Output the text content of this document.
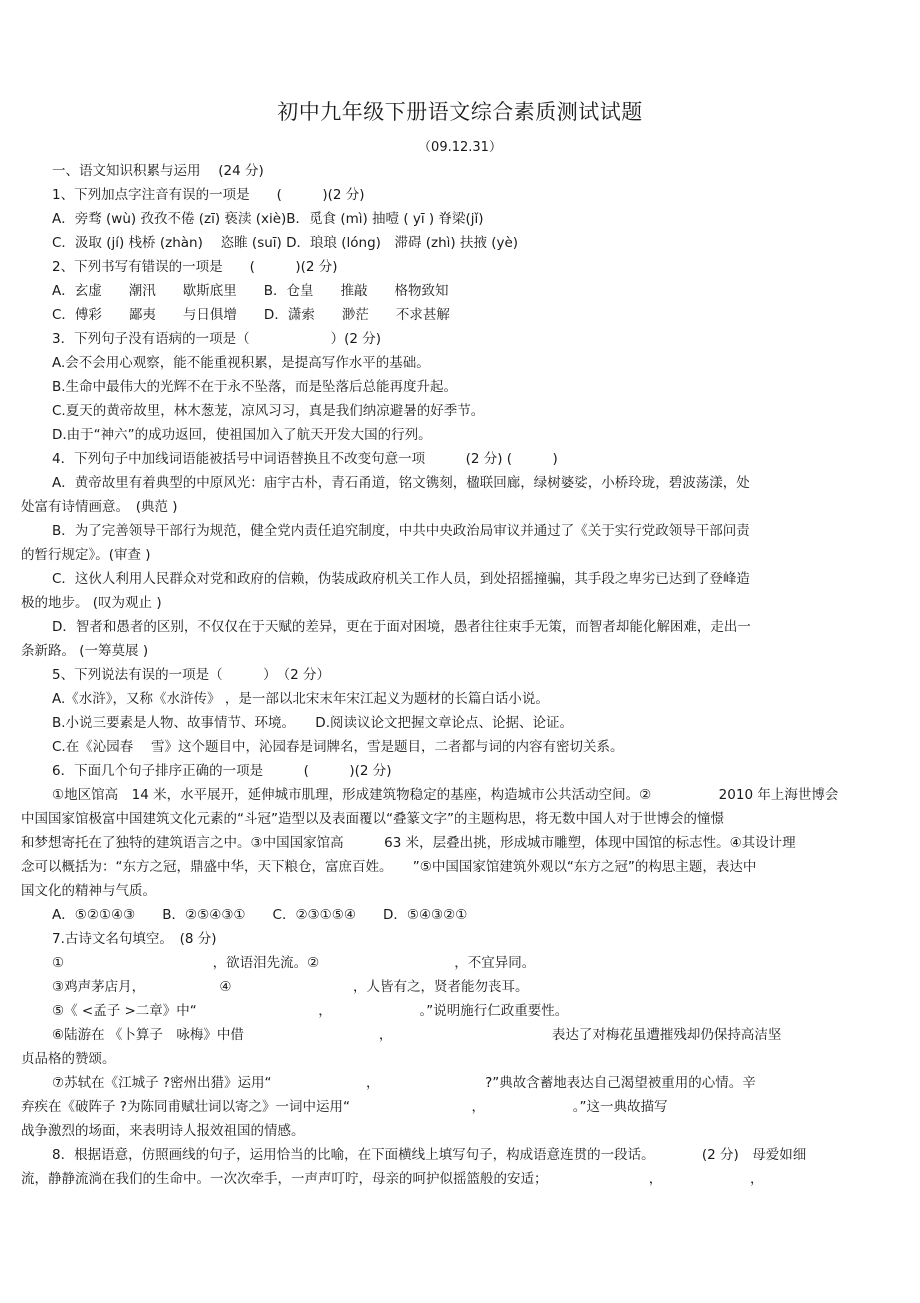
初中九年级下册语文综合素质测试试题
（09.12.31）
一、语文知识积累与运用　 (24 分)
1、下列加点字注音有误的一项是　　(　　　)(2 分)
A．旁骛 (wù) 孜孜不倦 (zī) 亵渎 (xiè)B．觅食 (mì) 抽噎 ( yī ) 脊梁(jǐ)
C．汲取 (jí) 栈桥 (zhàn)　 恣睢 (suī) D．琅琅 (lóng)　滞碍 (zhì) 扶掖 (yè)
2、下列书写有错误的一项是　　(　　　)(2 分)
A．玄虚　　潮汛　　歇斯底里　　B．仓皇　　推敲　　格物致知
C．傅彩　　鄙夷　　与日俱增　　D．潇索　　渺茫　　不求甚解
3．下列句子没有语病的一项是（　　　　　　）(2 分)
A.会不会用心观察，能不能重视积累，是提高写作水平的基础。
B.生命中最伟大的光辉不在于永不坠落，而是坠落后总能再度升起。
C.夏天的黄帝故里，林木葱茏，凉风习习，真是我们纳凉避暑的好季节。
D.由于“神六”的成功返回，使祖国加入了航天开发大国的行列。
4．下列句子中加线词语能被括号中词语替换且不改变句意一项　　　(2 分) (　　　)
A．黄帝故里有着典型的中原风光：庙宇古朴，青石甬道，铭文镌刻，楹联回廊，绿树婆娑，小桥玲珑，碧波荡漾，处
处富有诗情画意。　(典范 )
B．为了完善领导干部行为规范，健全党内责任追究制度，中共中央政治局审议并通过了《关于实行党政领导干部问责
的暂行规定》。(审查 )
C．这伙人利用人民群众对党和政府的信赖，伪装成政府机关工作人员，到处招摇撞骗，其手段之卑劣已达到了登峰造
极的地步。 (叹为观止 )
D．智者和愚者的区别，不仅仅在于天赋的差异，更在于面对困境，愚者往往束手无策，而智者却能化解困难，走出一
条新路。 (一筹莫展 )
5、下列说法有误的一项是（　　　）　（2 分）
A.《水浒》，又称《水浒传》 ，是一部以北宋末年宋江起义为题材的长篇白话小说。
B.小说三要素是人物、故事情节、环境。　　D.阅读议论文把握文章论点、论据、论证。
C.在《沁园春　 雪》这个题目中，沁园春是词牌名，雪是题目，二者都与词的内容有密切关系。
6．下面几个句子排序正确的一项是　　　(　　　)(2 分)
①地区馆高　14 米，水平展开，延伸城市肌理，形成建筑物稳定的基座，构造城市公共活动空间。②　　　　　2010 年上海世博会
中国国家馆极富中国建筑文化元素的“斗冠”造型以及表面覆以“叠篆文字”的主题构思，将无数中国人对于世博会的憧憬
和梦想寄托在了独特的建筑语言之中。③中国国家馆高　　　63 米，层叠出挑，形成城市雕塑，体现中国馆的标志性。④其设计理
念可以概括为：“东方之冠，鼎盛中华，天下粮仓，富庶百姓。　　”⑤中国国家馆建筑外观以“东方之冠”的构思主题，表达中
国文化的精神与气质。
A．⑤②①④③　　B．②⑤④③①　　C．②③①⑤④　　D．⑤④③②①
7.古诗文名句填空。　(8 分)
①　　　　　　　　　　　，欲语泪先流。②　　　　　　　　　　，不宜异同。
③鸡声茅店月，　　　　　　④　　　　　　　　　，人皆有之，贤者能勿丧耳。
⑤《 <孟子 >二章》中“　　　　　　　　　，　　　　　　　。”说明施行仁政重要性。
⑥陆游在 《卜算子　咏梅》中借　　　　　　　　　　，　　　　　　　　　　　　 表达了对梅花虽遭摧残却仍保持高洁坚
贞品格的赞颂。
⑦苏轼在《江城子 ?密州出猎》运用“　　　　　　　，　　　　　　　　 ?”典故含蓄地表达自己渴望被重用的心情。辛
弃疾在《破阵子 ?为陈同甫赋壮词以寄之》一词中运用“　　　　　　　　　，　　　　　　　。”这一典故描写
战争激烈的场面，来表明诗人报效祖国的情感。
8．根据语意，仿照画线的句子，运用恰当的比喻，在下面横线上填写句子，构成语意连贯的一段话。　　　　(2 分)　母爱如细
流，静静流淌在我们的生命中。一次次牵手，一声声叮咛，母亲的呵护似摇篮般的安适；　　　　　　　　，　　　　　　　，
